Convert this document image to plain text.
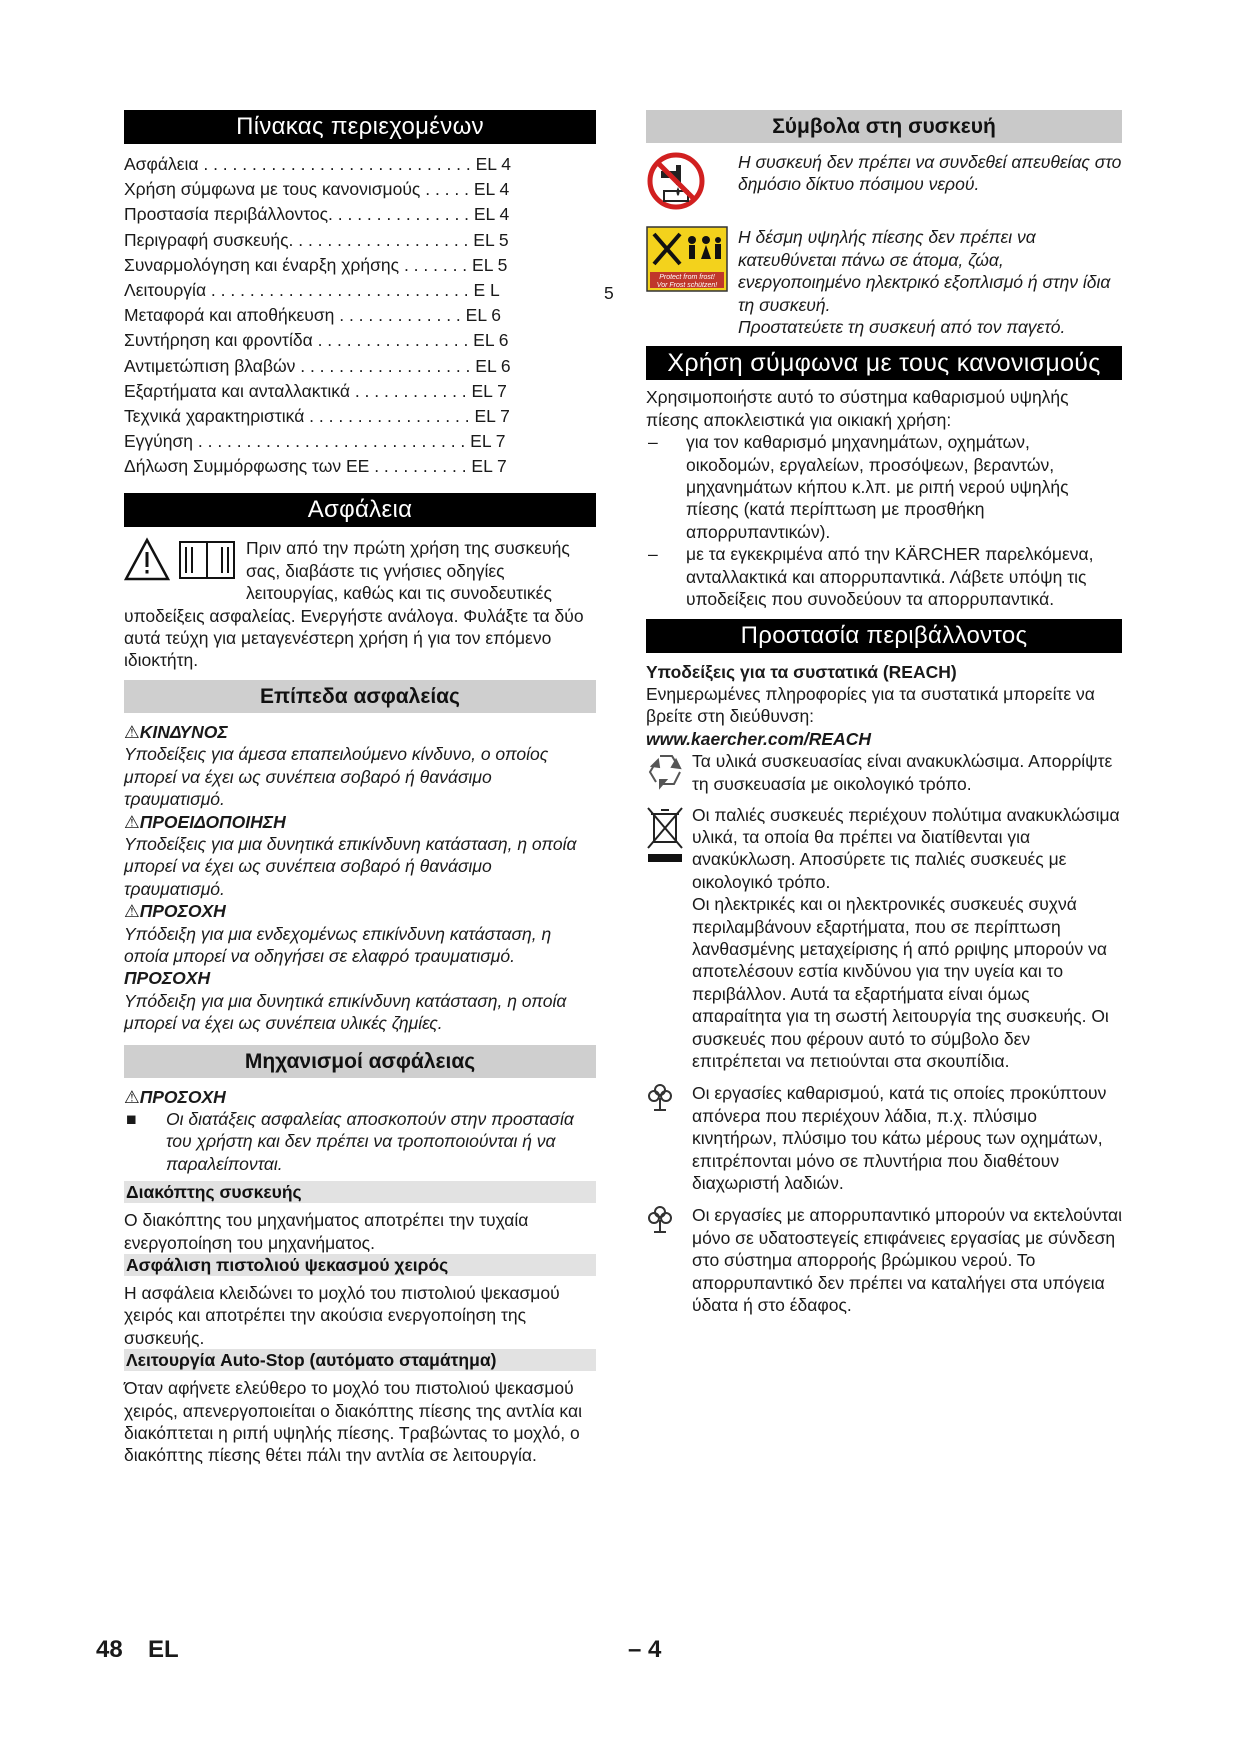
Πίνακας περιεχομένων
Ασφάλεια . . . . . . . . . . . . . . . . . . . . . . . . . . . . EL 4
Χρήση σύμφωνα με τους κανονισμούς . . . . . EL 4
Προστασία περιβάλλοντος. . . . . . . . . . . . . . . EL 4
Περιγραφή συσκευής. . . . . . . . . . . . . . . . . . . EL 5
Συναρμολόγηση και έναρξη χρήσης . . . . . . . EL 5
Λειτουργία . . . . . . . . . . . . . . . . . . . . . . . . . . . E L
Μεταφορά και αποθήκευση . . . . . . . . . . . . . EL 6
Συντήρηση και φροντίδα . . . . . . . . . . . . . . . . EL 6
Αντιμετώπιση βλαβών . . . . . . . . . . . . . . . . . . EL 6
Εξαρτήματα και ανταλλακτικά . . . . . . . . . . . . EL 7
Τεχνικά χαρακτηριστικά . . . . . . . . . . . . . . . . . EL 7
Εγγύηση . . . . . . . . . . . . . . . . . . . . . . . . . . . . EL 7
Δήλωση Συμμόρφωσης των ΕΕ . . . . . . . . . . EL 7
Ασφάλεια
Πριν από την πρώτη χρήση της συσκευής σας, διαβάστε τις γνήσιες οδηγίες λειτουργίας, καθώς και τις συνοδευτικές υποδείξεις ασφαλείας. Ενεργήστε ανάλογα. Φυλάξτε τα δύο αυτά τεύχη για μεταγενέστερη χρήση ή για τον επόμενο ιδιοκτήτη.
Επίπεδα ασφαλείας
⚠ΚΙΝΔΥΝΟΣ
Υποδείξεις για άμεσα επαπειλούμενο κίνδυνο, ο οποίος μπορεί να έχει ως συνέπεια σοβαρό ή θανάσιμο τραυματισμό.
⚠ΠΡΟΕΙΔΟΠΟΙΗΣΗ
Υποδείξεις για μια δυνητικά επικίνδυνη κατάσταση, η οποία μπορεί να έχει ως συνέπεια σοβαρό ή θανάσιμο τραυματισμό.
⚠ΠΡΟΣΟΧΗ
Υπόδειξη για μια ενδεχομένως επικίνδυνη κατάσταση, η οποία μπορεί να οδηγήσει σε ελαφρό τραυματισμό.
ΠΡΟΣΟΧΗ
Υπόδειξη για μια δυνητικά επικίνδυνη κατάσταση, η οποία μπορεί να έχει ως συνέπεια υλικές ζημίες.
Μηχανισμοί ασφάλειας
⚠ΠΡΟΣΟΧΗ
■	Οι διατάξεις ασφαλείας αποσκοπούν στην προστασία του χρήστη και δεν πρέπει να τροποποιούνται ή να παραλείπονται.
Διακόπτης συσκευής
Ο διακόπτης του μηχανήματος αποτρέπει την τυχαία ενεργοποίηση του μηχανήματος.
Ασφάλιση πιστολιού ψεκασμού χειρός
Η ασφάλεια κλειδώνει το μοχλό του πιστολιού ψεκασμού χειρός και αποτρέπει την ακούσια ενεργοποίηση της συσκευής.
Λειτουργία Auto-Stop (αυτόματο σταμάτημα)
Όταν αφήνετε ελεύθερο το μοχλό του πιστολιού ψεκασμού χειρός, απενεργοποιείται ο διακόπτης πίεσης της αντλία και διακόπτεται η ριπή υψηλής πίεσης. Τραβώντας το μοχλό, ο διακόπτης πίεσης θέτει πάλι την αντλία σε λειτουργία.
5
Σύμβολα στη συσκευή
Η συσκευή δεν πρέπει να συνδεθεί απευθείας στο δημόσιο δίκτυο πόσιμου νερού.
Protect from frost!
Vor Frost schützen!
Η δέσμη υψηλής πίεσης δεν πρέπει να κατευθύνεται πάνω σε άτομα, ζώα, ενεργοποιημένο ηλεκτρικό εξοπλισμό ή στην ίδια τη συσκευή.
Προστατεύετε τη συσκευή από τον παγετό.
Χρήση σύμφωνα με τους κανονισμούς
Χρησιμοποιήστε αυτό το σύστημα καθαρισμού υψηλής πίεσης αποκλειστικά για οικιακή χρήση:
–	για τον καθαρισμό μηχανημάτων, οχημάτων, οικοδομών, εργαλείων, προσόψεων, βεραντών, μηχανημάτων κήπου κ.λπ. με ριπή νερού υψηλής πίεσης (κατά περίπτωση με προσθήκη απορρυπαντικών).
–	με τα εγκεκριμένα από την KÄRCHER παρελκόμενα, ανταλλακτικά και απορρυπαντικά. Λάβετε υπόψη τις υποδείξεις που συνοδεύουν τα απορρυπαντικά.
Προστασία περιβάλλοντος
Υποδείξεις για τα συστατικά (REACH)
Ενημερωμένες πληροφορίες για τα συστατικά μπορείτε να βρείτε στη διεύθυνση:
www.kaercher.com/REACH
Τα υλικά συσκευασίας είναι ανακυκλώσιμα. Απορρίψτε τη συσκευασία με οικολογικό τρόπο.
Οι παλιές συσκευές περιέχουν πολύτιμα ανακυκλώσιμα υλικά, τα οποία θα πρέπει να διατίθενται για ανακύκλωση. Αποσύρετε τις παλιές συσκευές με οικολογικό τρόπο.
Οι ηλεκτρικές και οι ηλεκτρονικές συσκευές συχνά περιλαμβάνουν εξαρτήματα, που σε περίπτωση λανθασμένης μεταχείρισης ή από ρριψης μπορούν να αποτελέσουν εστία κινδύνου για την υγεία και το περιβάλλον. Αυτά τα εξαρτήματα είναι όμως απαραίτητα για τη σωστή λειτουργία της συσκευής. Οι συσκευές που φέρουν αυτό το σύμβολο δεν επιτρέπεται να πετιούνται στα σκουπίδια.
Οι εργασίες καθαρισμού, κατά τις οποίες προκύπτουν απόνερα που περιέχουν λάδια, π.χ. πλύσιμο κινητήρων, πλύσιμο του κάτω μέρους των οχημάτων, επιτρέπονται μόνο σε πλυντήρια που διαθέτουν διαχωριστή λαδιών.
Οι εργασίες με απορρυπαντικό μπορούν να εκτελούνται μόνο σε υδατοστεγείς επιφάνειες εργασίας με σύνδεση στο σύστημα απορροής βρώμικου νερού. Το απορρυπαντικό δεν πρέπει να καταλήγει στα υπόγεια ύδατα ή στο έδαφος.
48 EL	– 4
